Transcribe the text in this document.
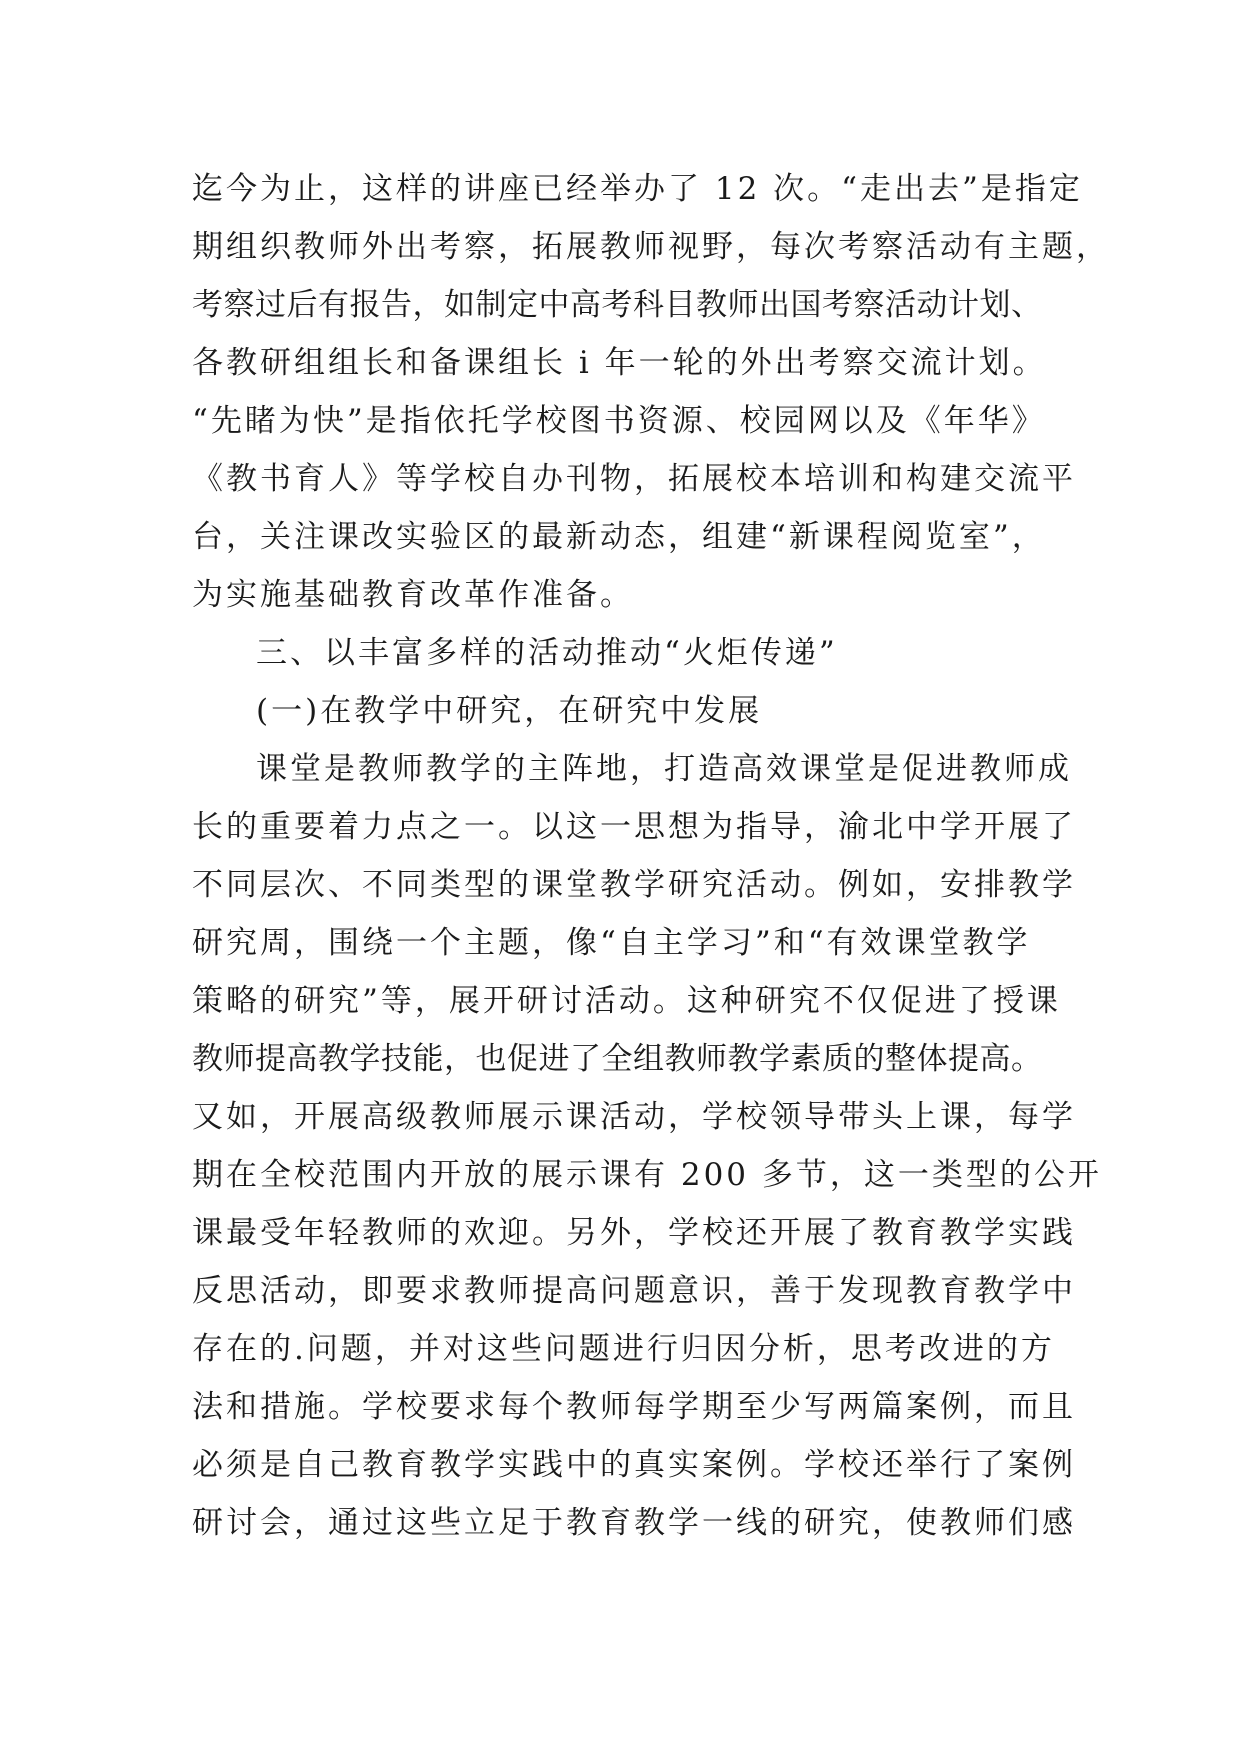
迄今为止，这样的讲座已经举办了 12 次。“走出去”是指定
期组织教师外出考察，拓展教师视野，每次考察活动有主题，
考察过后有报告，如制定中高考科目教师出国考察活动计划、
各教研组组长和备课组长 i 年一轮的外出考察交流计划。
“先睹为快”是指依托学校图书资源、校园网以及《年华》
《教书育人》等学校自办刊物，拓展校本培训和构建交流平
台，关注课改实验区的最新动态，组建“新课程阅览室”，
为实施基础教育改革作准备。
三、以丰富多样的活动推动“火炬传递”
(一)在教学中研究，在研究中发展
课堂是教师教学的主阵地，打造高效课堂是促进教师成
长的重要着力点之一。以这一思想为指导，渝北中学开展了
不同层次、不同类型的课堂教学研究活动。例如，安排教学
研究周，围绕一个主题，像“自主学习”和“有效课堂教学
策略的研究”等，展开研讨活动。这种研究不仅促进了授课
教师提高教学技能，也促进了全组教师教学素质的整体提高。
又如，开展高级教师展示课活动，学校领导带头上课，每学
期在全校范围内开放的展示课有 200 多节，这一类型的公开
课最受年轻教师的欢迎。另外，学校还开展了教育教学实践
反思活动，即要求教师提高问题意识，善于发现教育教学中
存在的.问题，并对这些问题进行归因分析，思考改进的方
法和措施。学校要求每个教师每学期至少写两篇案例，而且
必须是自己教育教学实践中的真实案例。学校还举行了案例
研讨会，通过这些立足于教育教学一线的研究，使教师们感
